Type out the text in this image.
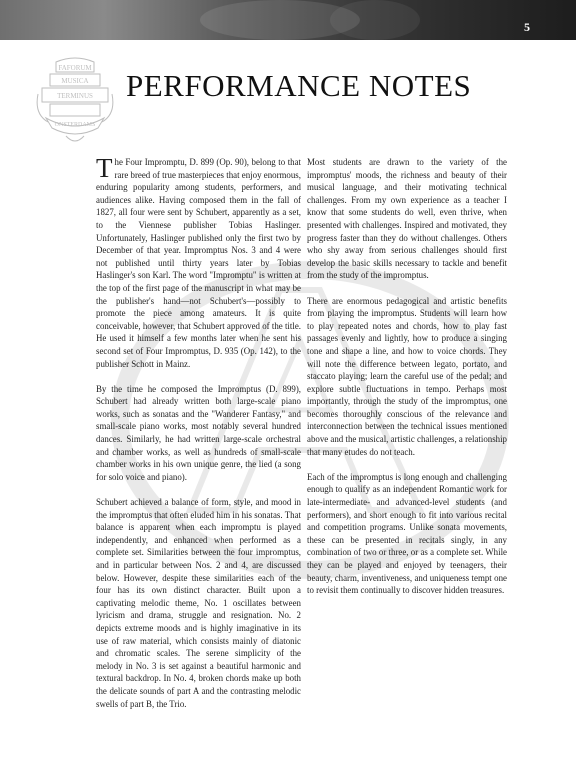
5
FAFORUM
MUSICA
TERMINUS
ONSTERDAMS
PERFORMANCE NOTES

The Four Impromptu, D. 899 (Op. 90), belong to that rare breed of true masterpieces that enjoy enormous, enduring popularity among students, performers, and audiences alike. Having composed them in the fall of 1827, all four were sent by Schubert, apparently as a set, to the Viennese publisher Tobias Haslinger. Unfortunately, Haslinger published only the first two by December of that year. Impromptus Nos. 3 and 4 were not published until thirty years later by Tobias Haslinger's son Karl. The word "Impromptu" is written at the top of the first page of the manuscript in what may be the publisher's hand—not Schubert's—possibly to promote the piece among amateurs. It is quite conceivable, however, that Schubert approved of the title. He used it himself a few months later when he sent his second set of Four Impromptus, D. 935 (Op. 142), to the publisher Schott in Mainz.

By the time he composed the Impromptus (D. 899), Schubert had already written both large-scale piano works, such as sonatas and the "Wanderer Fantasy," and small-scale piano works, most notably several hundred dances. Similarly, he had written large-scale orchestral and chamber works, as well as hundreds of small-scale chamber works in his own unique genre, the lied (a song for solo voice and piano).

Schubert achieved a balance of form, style, and mood in the impromptus that often eluded him in his sonatas. That balance is apparent when each impromptu is played independently, and enhanced when performed as a complete set. Similarities between the four impromptus, and in particular between Nos. 2 and 4, are discussed below. However, despite these similarities each of the four has its own distinct character. Built upon a captivating melodic theme, No. 1 oscillates between lyricism and drama, struggle and resignation. No. 2 depicts extreme moods and is highly imaginative in its use of raw material, which consists mainly of diatonic and chromatic scales. The serene simplicity of the melody in No. 3 is set against a beautiful harmonic and textural backdrop. In No. 4, broken chords make up both the delicate sounds of part A and the contrasting melodic swells of part B, the Trio.

Most students are drawn to the variety of the impromptus' moods, the richness and beauty of their musical language, and their motivating technical challenges. From my own experience as a teacher I know that some students do well, even thrive, when presented with challenges. Inspired and motivated, they progress faster than they do without challenges. Others who shy away from serious challenges should first develop the basic skills necessary to tackle and benefit from the study of the impromptus.

There are enormous pedagogical and artistic benefits from playing the impromptus. Students will learn how to play repeated notes and chords, how to play fast passages evenly and lightly, how to produce a singing tone and shape a line, and how to voice chords. They will note the difference between legato, portato, and staccato playing; learn the careful use of the pedal; and explore subtle fluctuations in tempo. Perhaps most importantly, through the study of the impromptus, one becomes thoroughly conscious of the relevance and interconnection between the technical issues mentioned above and the musical, artistic challenges, a relationship that many etudes do not teach.

Each of the impromptus is long enough and challenging enough to qualify as an independent Romantic work for late-intermediate- and advanced-level students (and performers), and short enough to fit into various recital and competition programs. Unlike sonata movements, these can be presented in recitals singly, in any combination of two or three, or as a complete set. While they can be played and enjoyed by teenagers, their beauty, charm, inventiveness, and uniqueness tempt one to revisit them continually to discover hidden treasures.
